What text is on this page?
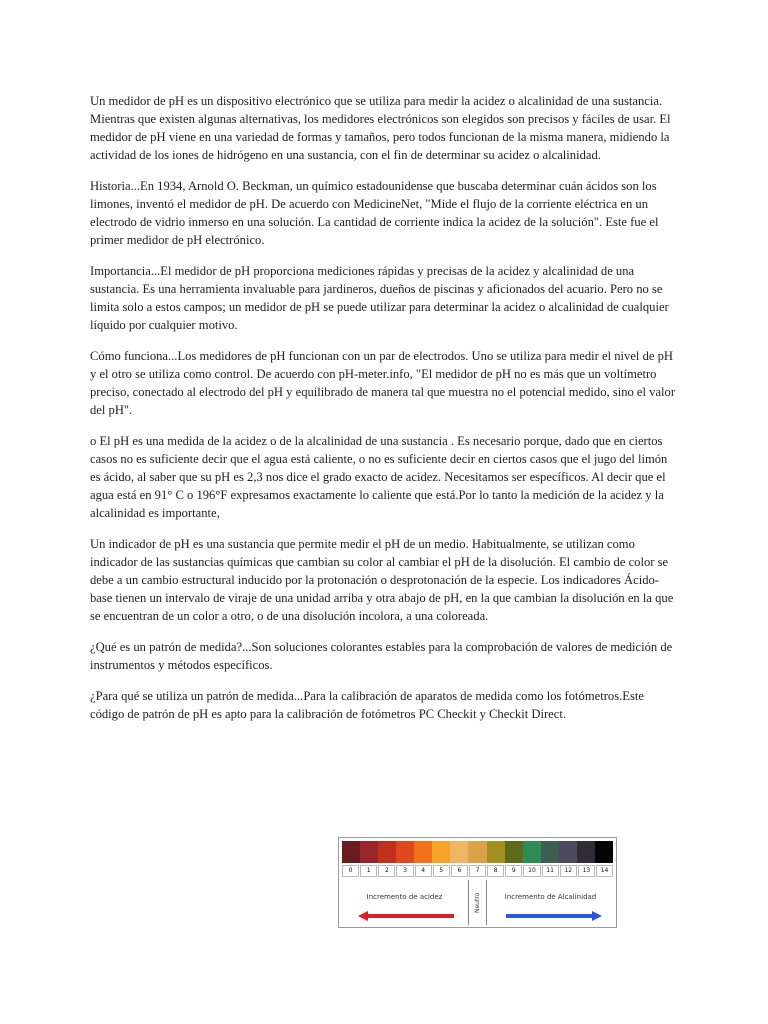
Un medidor de pH es un dispositivo electrónico que se utiliza para medir la acidez o alcalinidad de una sustancia. Mientras que existen algunas alternativas, los medidores electrónicos son elegidos son precisos y fáciles de usar. El medidor de pH viene en una variedad de formas y tamaños, pero todos funcionan de la misma manera, midiendo la actividad de los iones de hidrógeno en una sustancia, con el fin de determinar su acidez o alcalinidad.

Historia...En 1934, Arnold O. Beckman, un químico estadounidense que buscaba determinar cuán ácidos son los limones, inventó el medidor de pH. De acuerdo con MedicineNet, "Mide el flujo de la corriente eléctrica en un electrodo de vidrio inmerso en una solución. La cantidad de corriente indica la acidez de la solución". Este fue el primer medidor de pH electrónico.

Importancia...El medidor de pH proporciona mediciones rápidas y precisas de la acidez y alcalinidad de una sustancia. Es una herramienta invaluable para jardineros, dueños de piscinas y aficionados del acuario. Pero no se limita solo a estos campos; un medidor de pH se puede utilizar para determinar la acidez o alcalinidad de cualquier líquido por cualquier motivo.

Cómo funciona...Los medidores de pH funcionan con un par de electrodos. Uno se utiliza para medir el nivel de pH y el otro se utiliza como control. De acuerdo con pH-meter.info, "El medidor de pH no es más que un voltímetro preciso, conectado al electrodo del pH y equilibrado de manera tal que muestra no el potencial medido, sino el valor del pH".

o El pH es una medida de la acidez o de la alcalinidad de una sustancia . Es necesario porque, dado que en ciertos casos no es suficiente decir que el agua está caliente, o no es suficiente decir en ciertos casos que el jugo del limón es ácido, al saber que su pH es 2,3 nos dice el grado exacto de acidez. Necesitamos ser específicos. Al decir que el agua está en 91° C o 196°F expresamos exactamente lo caliente que está.Por lo tanto la medición de la acidez y la alcalinidad es importante,

Un indicador de pH es una sustancia que permite medir el pH de un medio. Habitualmente, se utilizan como indicador de las sustancias químicas que cambian su color al cambiar el pH de la disolución. El cambio de color se debe a un cambio estructural inducido por la protonación o desprotonación de la especie. Los indicadores Ácido-base tienen un intervalo de viraje de una unidad arriba y otra abajo de pH, en la que cambian la disolución en la que se encuentran de un color a otro, o de una disolución incolora, a una coloreada.

¿Qué es un patrón de medida?...Son soluciones colorantes estables para la comprobación de valores de medición de instrumentos y métodos específicos.

¿Para qué se utiliza un patrón de medida...Para la calibración de aparatos de medida como los fotómetros.Este código de patrón de pH es apto para la calibración de fotómetros PC Checkit y Checkit Direct.

0	1	2	3	4	5	6	7	8	9	10	11	12	13	14
Incremento de acidez	Neutro	Incremento de Alcalinidad
